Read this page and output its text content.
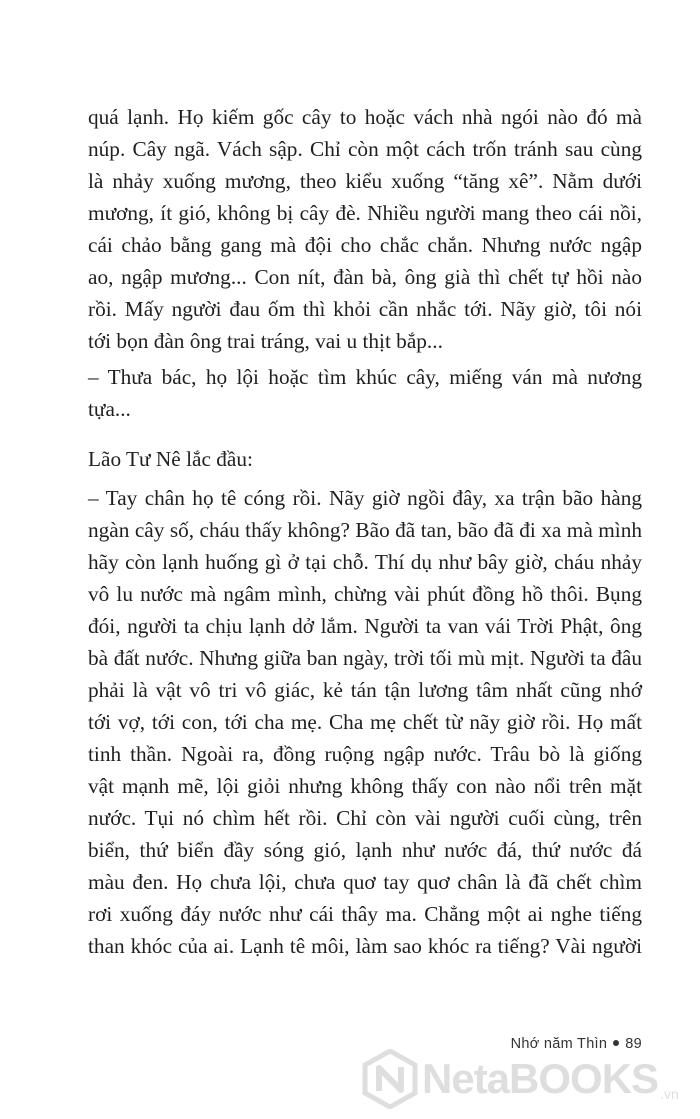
quá lạnh. Họ kiếm gốc cây to hoặc vách nhà ngói nào đó mà
núp. Cây ngã. Vách sập. Chỉ còn một cách trốn tránh sau cùng
là nhảy xuống mương, theo kiểu xuống “tăng xê”. Nằm dưới
mương, ít gió, không bị cây đè. Nhiều người mang theo cái nồi,
cái chảo bằng gang mà đội cho chắc chắn. Nhưng nước ngập
ao, ngập mương... Con nít, đàn bà, ông già thì chết tự hồi nào
rồi. Mấy người đau ốm thì khỏi cần nhắc tới. Nãy giờ, tôi nói
tới bọn đàn ông trai tráng, vai u thịt bắp...
– Thưa bác, họ lội hoặc tìm khúc cây, miếng ván mà nương
tựa...
Lão Tư Nê lắc đầu:
– Tay chân họ tê cóng rồi. Nãy giờ ngồi đây, xa trận bão hàng
ngàn cây số, cháu thấy không? Bão đã tan, bão đã đi xa mà mình
hãy còn lạnh huống gì ở tại chỗ. Thí dụ như bây giờ, cháu nhảy
vô lu nước mà ngâm mình, chừng vài phút đồng hồ thôi. Bụng
đói, người ta chịu lạnh dở lắm. Người ta van vái Trời Phật, ông
bà đất nước. Nhưng giữa ban ngày, trời tối mù mịt. Người ta đâu
phải là vật vô tri vô giác, kẻ tán tận lương tâm nhất cũng nhớ
tới vợ, tới con, tới cha mẹ. Cha mẹ chết từ nãy giờ rồi. Họ mất
tinh thần. Ngoài ra, đồng ruộng ngập nước. Trâu bò là giống
vật mạnh mẽ, lội giỏi nhưng không thấy con nào nổi trên mặt
nước. Tụi nó chìm hết rồi. Chỉ còn vài người cuối cùng, trên
biển, thứ biển đầy sóng gió, lạnh như nước đá, thứ nước đá
màu đen. Họ chưa lội, chưa quơ tay quơ chân là đã chết chìm
rơi xuống đáy nước như cái thây ma. Chẳng một ai nghe tiếng
than khóc của ai. Lạnh tê môi, làm sao khóc ra tiếng? Vài người
Nhớ năm Thìn 89
NetaBOOKS .vn
